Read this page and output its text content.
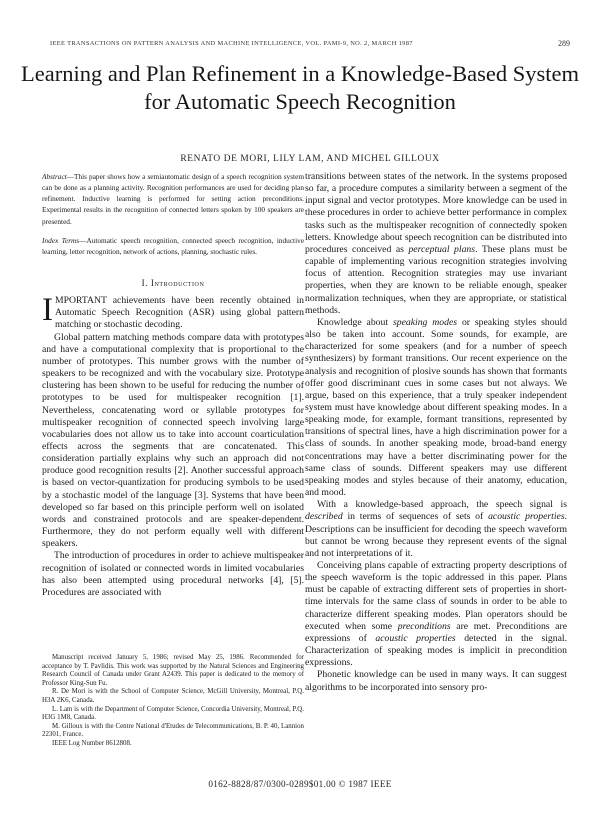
IEEE TRANSACTIONS ON PATTERN ANALYSIS AND MACHINE INTELLIGENCE, VOL. PAMI-9, NO. 2, MARCH 1987	289
Learning and Plan Refinement in a Knowledge-Based System for Automatic Speech Recognition
RENATO DE MORI, LILY LAM, AND MICHEL GILLOUX

Abstract—This paper shows how a semiautomatic design of a speech recognition system can be done as a planning activity. Recognition performances are used for deciding plan refinement. Inductive learning is performed for setting action preconditions. Experimental results in the recognition of connected letters spoken by 100 speakers are presented.

Index Terms—Automatic speech recognition, connected speech recognition, inductive learning, letter recognition, network of actions, planning, stochastic rules.

I. Introduction

IMPORTANT achievements have been recently obtained in Automatic Speech Recognition (ASR) using global pattern matching or stochastic decoding.

Global pattern matching methods compare data with prototypes and have a computational complexity that is proportional to the number of prototypes. This number grows with the number of speakers to be recognized and with the vocabulary size. Prototype clustering has been shown to be useful for reducing the number of prototypes to be used for multispeaker recognition [1]. Nevertheless, concatenating word or syllable prototypes for multispeaker recognition of connected speech involving large vocabularies does not allow us to take into account coarticulation effects across the segments that are concatenated. This consideration partially explains why such an approach did not produce good recognition results [2]. Another successful approach is based on vector-quantization for producing symbols to be used by a stochastic model of the language [3]. Systems that have been developed so far based on this principle perform well on isolated words and constrained protocols and are speaker-dependent. Furthermore, they do not perform equally well with different speakers.

The introduction of procedures in order to achieve multispeaker recognition of isolated or connected words in limited vocabularies has also been attempted using procedural networks [4], [5]. Procedures are associated with

Manuscript received January 5, 1986; revised May 25, 1986. Recommended for acceptance by T. Pavlidis. This work was supported by the Natural Sciences and Engineering Research Council of Canada under Grant A2439. This paper is dedicated to the memory of Professor King-Sun Fu.

R. De Mori is with the School of Computer Science, McGill University, Montreal, P.Q. H3A 2K6, Canada.

L. Lam is with the Department of Computer Science, Concordia University, Montreal, P.Q. H3G 1M8, Canada.

M. Gilloux is with the Centre National d'Etudes de Telecommunications, B. P. 40, Lannion 22301, France.

IEEE Log Number 8612808.

transitions between states of the network. In the systems proposed so far, a procedure computes a similarity between a segment of the input signal and vector prototypes. More knowledge can be used in these procedures in order to achieve better performance in complex tasks such as the multispeaker recognition of connectedly spoken letters. Knowledge about speech recognition can be distributed into procedures conceived as perceptual plans. These plans must be capable of implementing various recognition strategies involving focus of attention. Recognition strategies may use invariant properties, when they are known to be reliable enough, speaker normalization techniques, when they are appropriate, or statistical methods.

Knowledge about speaking modes or speaking styles should also be taken into account. Some sounds, for example, are characterized for some speakers (and for a number of speech synthesizers) by formant transitions. Our recent experience on the analysis and recognition of plosive sounds has shown that formants offer good discriminant cues in some cases but not always. We argue, based on this experience, that a truly speaker independent system must have knowledge about different speaking modes. In a speaking mode, for example, formant transitions, represented by transitions of spectral lines, have a high discrimination power for a class of sounds. In another speaking mode, broad-band energy concentrations may have a better discriminating power for the same class of sounds. Different speakers may use different speaking modes and styles because of their anatomy, education, and mood.

With a knowledge-based approach, the speech signal is described in terms of sequences of sets of acoustic properties. Descriptions can be insufficient for decoding the speech waveform but cannot be wrong because they represent events of the signal and not interpretations of it.

Conceiving plans capable of extracting property descriptions of the speech waveform is the topic addressed in this paper. Plans must be capable of extracting different sets of properties in short-time intervals for the same class of sounds in order to be able to characterize different speaking modes. Plan operators should be executed when some preconditions are met. Preconditions are expressions of acoustic properties detected in the signal. Characterization of speaking modes is implicit in precondition expressions.

Phonetic knowledge can be used in many ways. It can suggest algorithms to be incorporated into sensory pro-

0162-8828/87/0300-0289$01.00 © 1987 IEEE
